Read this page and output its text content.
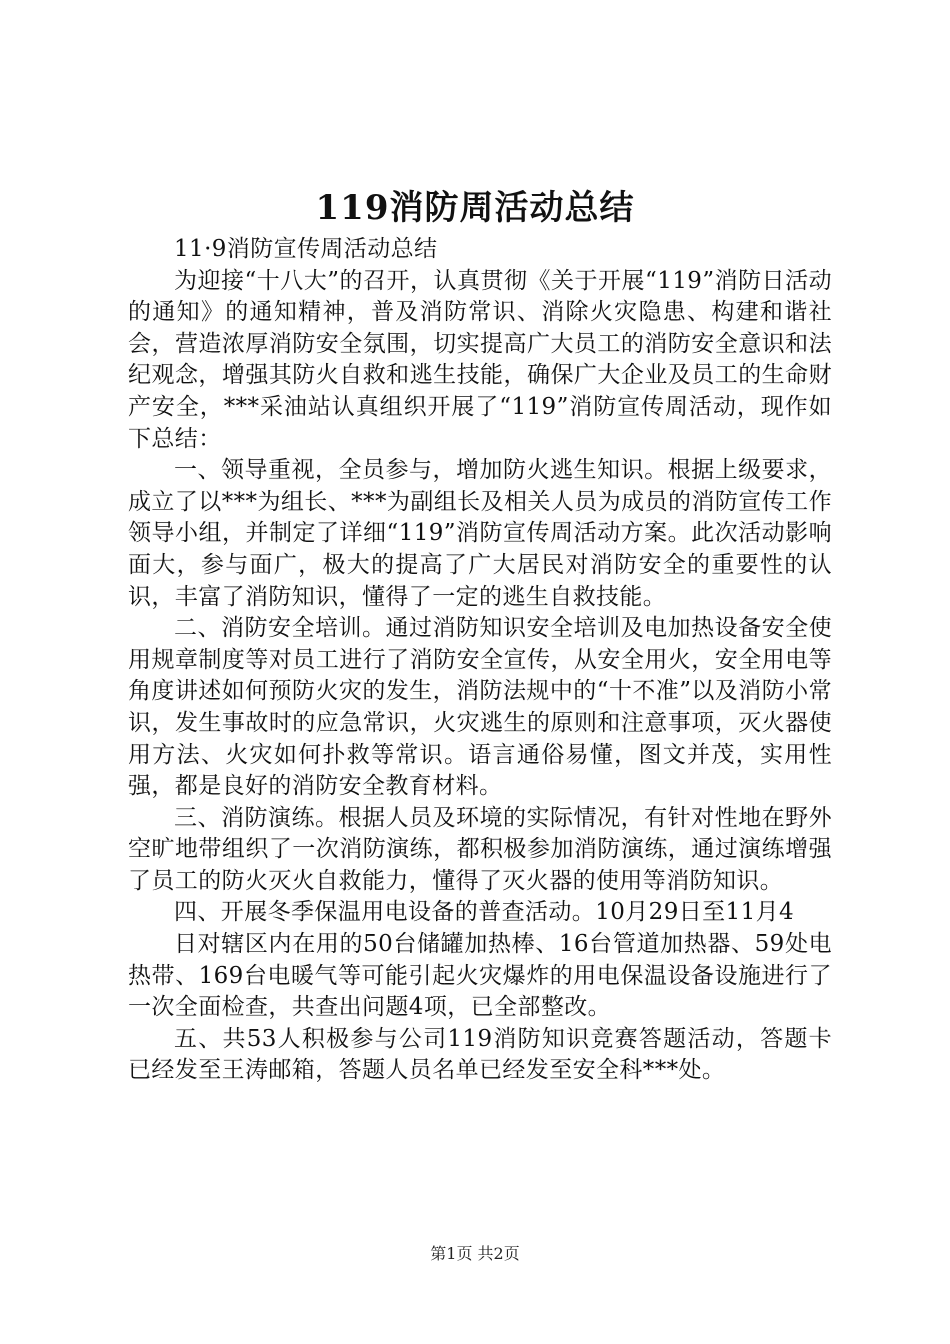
119消防周活动总结

11·9消防宣传周活动总结

为迎接“十八大”的召开，认真贯彻《关于开展“119”消防日活动的通知》的通知精神，普及消防常识、消除火灾隐患、构建和谐社会，营造浓厚消防安全氛围，切实提高广大员工的消防安全意识和法纪观念，增强其防火自救和逃生技能，确保广大企业及员工的生命财产安全，***采油站认真组织开展了“119”消防宣传周活动，现作如下总结：

一、领导重视，全员参与，增加防火逃生知识。根据上级要求，成立了以***为组长、***为副组长及相关人员为成员的消防宣传工作领导小组，并制定了详细“119”消防宣传周活动方案。此次活动影响面大，参与面广，极大的提高了广大居民对消防安全的重要性的认识，丰富了消防知识，懂得了一定的逃生自救技能。

二、消防安全培训。通过消防知识安全培训及电加热设备安全使用规章制度等对员工进行了消防安全宣传，从安全用火，安全用电等角度讲述如何预防火灾的发生，消防法规中的“十不准”以及消防小常识，发生事故时的应急常识，火灾逃生的原则和注意事项，灭火器使用方法、火灾如何扑救等常识。语言通俗易懂，图文并茂，实用性强，都是良好的消防安全教育材料。

三、消防演练。根据人员及环境的实际情况，有针对性地在野外空旷地带组织了一次消防演练，都积极参加消防演练，通过演练增强了员工的防火灭火自救能力，懂得了灭火器的使用等消防知识。

四、开展冬季保温用电设备的普查活动。10月29日至11月4

日对辖区内在用的50台储罐加热棒、16台管道加热器、59处电热带、169台电暖气等可能引起火灾爆炸的用电保温设备设施进行了一次全面检查，共查出问题4项，已全部整改。

五、共53人积极参与公司119消防知识竞赛答题活动，答题卡已经发至王涛邮箱，答题人员名单已经发至安全科***处。

第1页 共2页
